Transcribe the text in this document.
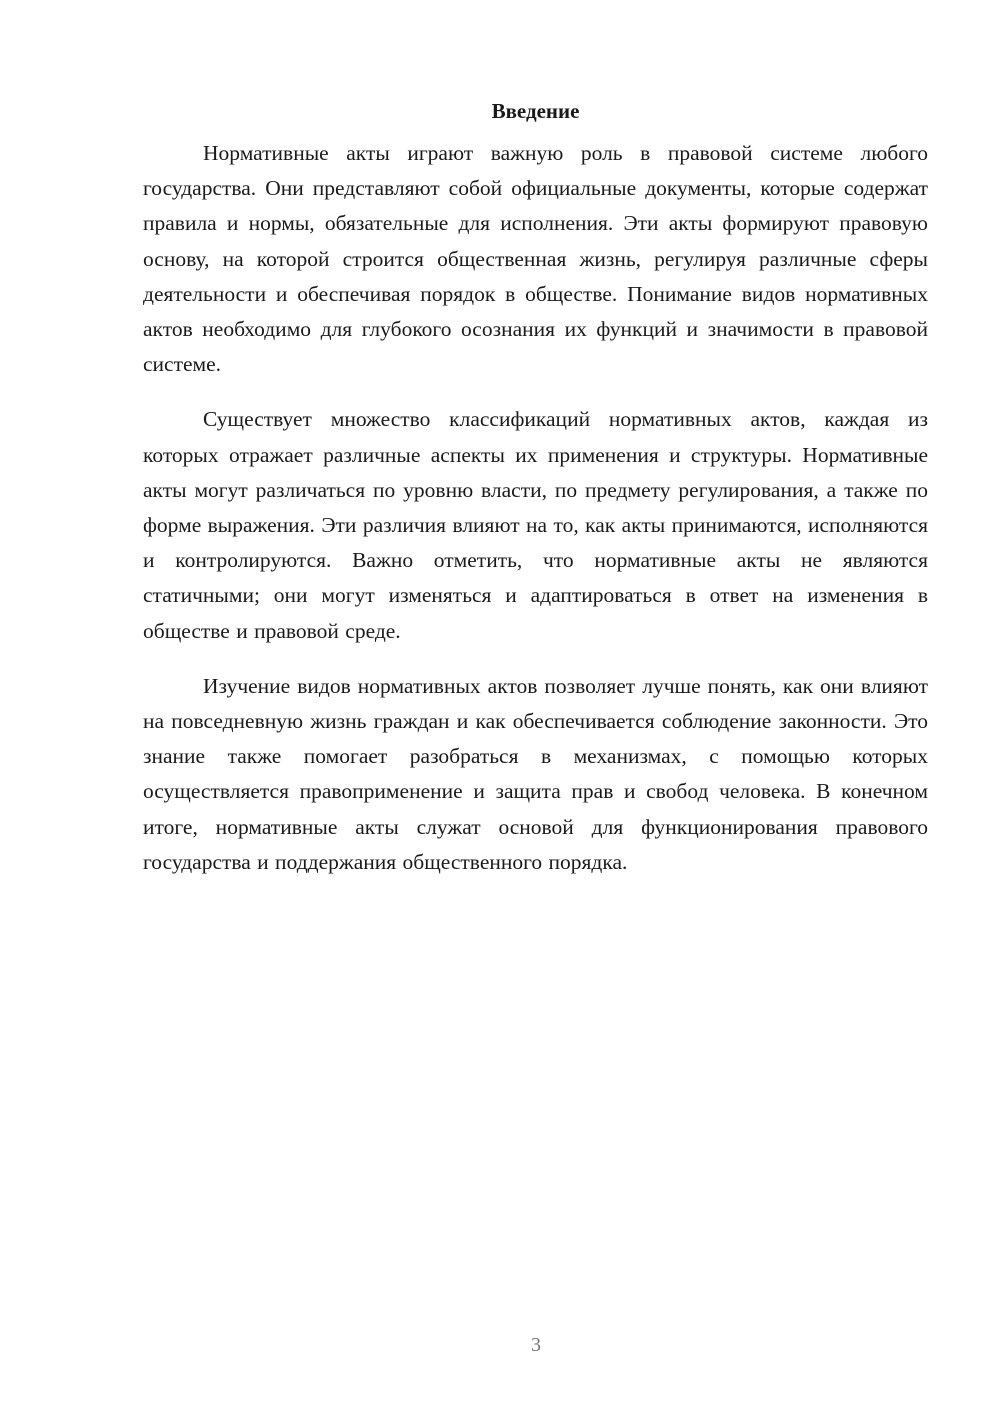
Введение

Нормативные акты играют важную роль в правовой системе любого государства. Они представляют собой официальные документы, которые содержат правила и нормы, обязательные для исполнения. Эти акты формируют правовую основу, на которой строится общественная жизнь, регулируя различные сферы деятельности и обеспечивая порядок в обществе. Понимание видов нормативных актов необходимо для глубокого осознания их функций и значимости в правовой системе.

Существует множество классификаций нормативных актов, каждая из которых отражает различные аспекты их применения и структуры. Нормативные акты могут различаться по уровню власти, по предмету регулирования, а также по форме выражения. Эти различия влияют на то, как акты принимаются, исполняются и контролируются. Важно отметить, что нормативные акты не являются статичными; они могут изменяться и адаптироваться в ответ на изменения в обществе и правовой среде.

Изучение видов нормативных актов позволяет лучше понять, как они влияют на повседневную жизнь граждан и как обеспечивается соблюдение законности. Это знание также помогает разобраться в механизмах, с помощью которых осуществляется правоприменение и защита прав и свобод человека. В конечном итоге, нормативные акты служат основой для функционирования правового государства и поддержания общественного порядка.

3
